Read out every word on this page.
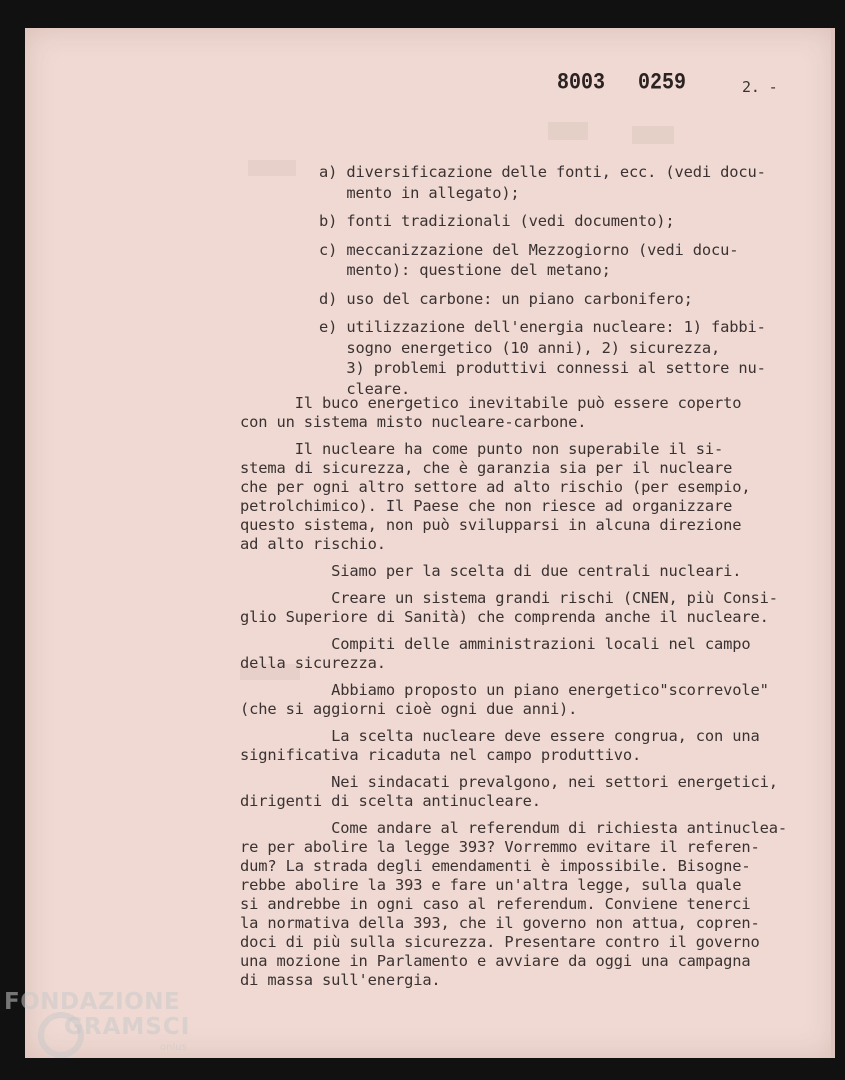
8003 0259	2. -

a) diversificazione delle fonti, ecc. (vedi docu-
mento in allegato);

b) fonti tradizionali (vedi documento);

c) meccanizzazione del Mezzogiorno (vedi docu-
mento): questione del metano;

d) uso del carbone: un piano carbonifero;

e) utilizzazione dell'energia nucleare: 1) fabbi-
sogno energetico (10 anni), 2) sicurezza,
3) problemi produttivi connessi al settore nu-
cleare.

Il buco energetico inevitabile può essere coperto
con un sistema misto nucleare-carbone.

Il nucleare ha come punto non superabile il si-
stema di sicurezza, che è garanzia sia per il nucleare
che per ogni altro settore ad alto rischio (per esempio,
petrolchimico). Il Paese che non riesce ad organizzare
questo sistema, non può svilupparsi in alcuna direzione
ad alto rischio.

Siamo per la scelta di due centrali nucleari.

Creare un sistema grandi rischi (CNEN, più Consi-
glio Superiore di Sanità) che comprenda anche il nucleare.

Compiti delle amministrazioni locali nel campo
della sicurezza.

Abbiamo proposto un piano energetico"scorrevole"
(che si aggiorni cioè ogni due anni).

La scelta nucleare deve essere congrua, con una
significativa ricaduta nel campo produttivo.

Nei sindacati prevalgono, nei settori energetici,
dirigenti di scelta antinucleare.

Come andare al referendum di richiesta antinuclea-
re per abolire la legge 393? Vorremmo evitare il referen-
dum? La strada degli emendamenti è impossibile. Bisogne-
rebbe abolire la 393 e fare un'altra legge, sulla quale
si andrebbe in ogni caso al referendum. Conviene tenerci
la normativa della 393, che il governo non attua, copren-
doci di più sulla sicurezza. Presentare contro il governo
una mozione in Parlamento e avviare da oggi una campagna
di massa sull'energia.

FONDAZIONE
GRAMSCI
onlus
